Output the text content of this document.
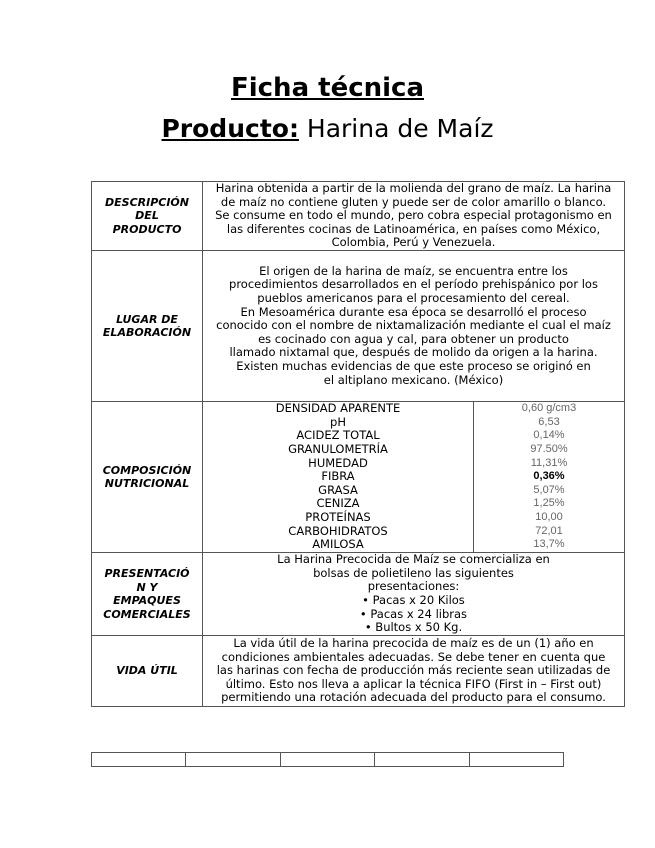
Ficha técnica
Producto: Harina de Maíz
DESCRIPCIÓN
DEL
PRODUCTO

Harina obtenida a partir de la molienda del grano de maíz. La harina
de maíz no contiene gluten y puede ser de color amarillo o blanco.
Se consume en todo el mundo, pero cobra especial protagonismo en
las diferentes cocinas de Latinoamérica, en países como México,
Colombia, Perú y Venezuela.

LUGAR DE
ELABORACIÓN

El origen de la harina de maíz, se encuentra entre los
procedimientos desarrollados en el período prehispánico por los
pueblos americanos para el procesamiento del cereal.
En Mesoamérica durante esa época se desarrolló el proceso
conocido con el nombre de nixtamalización mediante el cual el maíz
es cocinado con agua y cal, para obtener un producto
llamado nixtamal que, después de molido da origen a la harina.
Existen muchas evidencias de que este proceso se originó en
el altiplano mexicano. (México)

COMPOSICIÓN
NUTRICIONAL

DENSIDAD APARENTE	0,60 g/cm3
pH	6,53
ACIDEZ TOTAL	0,14%
GRANULOMETRÍA	97.50%
HUMEDAD	11,31%
FIBRA	0,36%
GRASA	5,07%
CENIZA	1,25%
PROTEÍNAS	10,00
CARBOHIDRATOS	72,01
AMILOSA	13,7%

PRESENTACIÓ
N Y
EMPAQUES
COMERCIALES

La Harina Precocida de Maíz se comercializa en
bolsas de polietileno las siguientes
presentaciones:
• Pacas x 20 Kilos
• Pacas x 24 libras
• Bultos x 50 Kg.

VIDA ÚTIL

La vida útil de la harina precocida de maíz es de un (1) año en
condiciones ambientales adecuadas. Se debe tener en cuenta que
las harinas con fecha de producción más reciente sean utilizadas de
último. Esto nos lleva a aplicar la técnica FIFO (First in – First out)
permitiendo una rotación adecuada del producto para el consumo.
